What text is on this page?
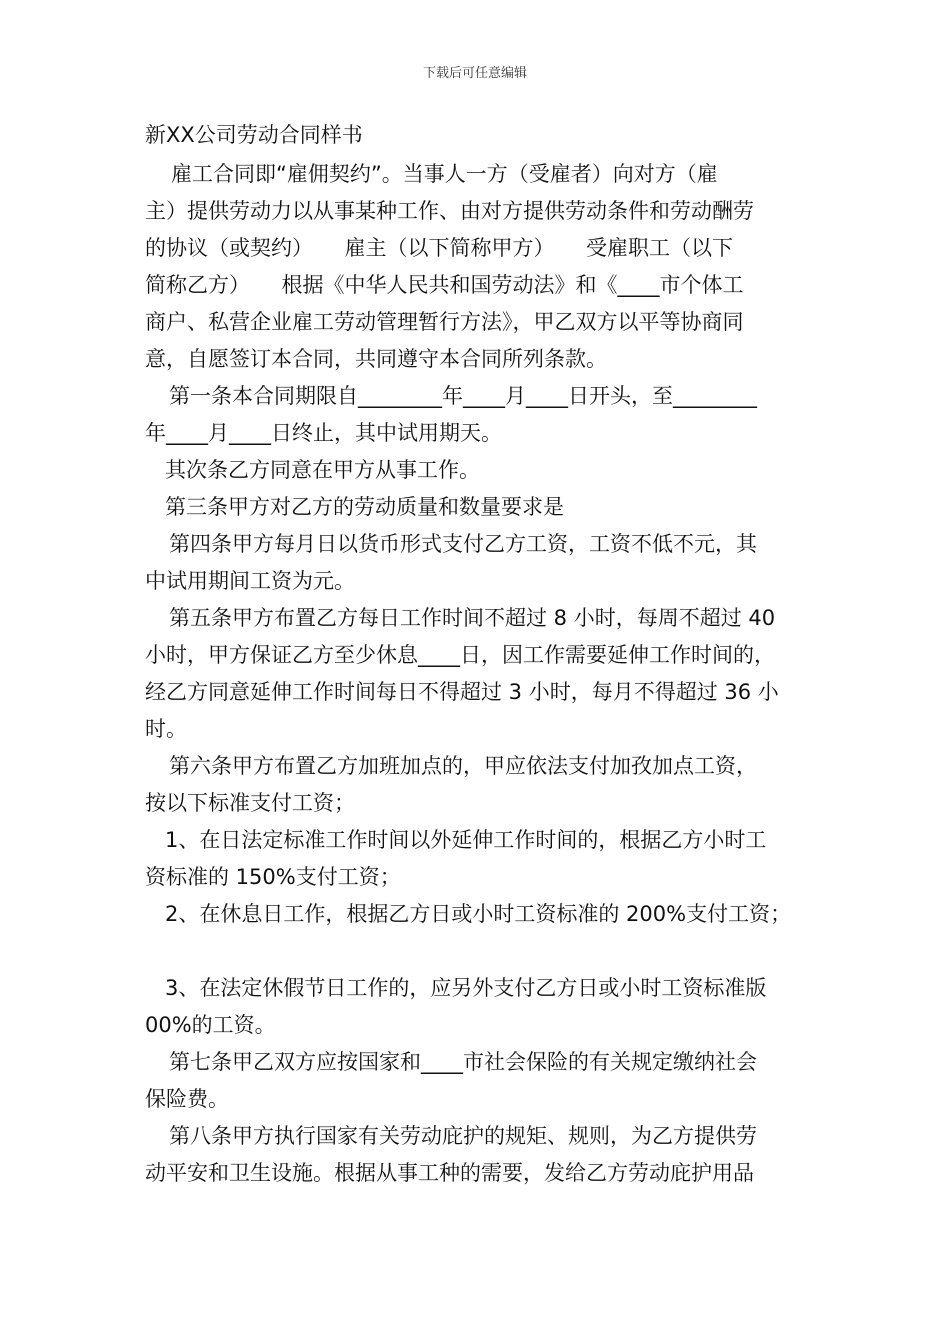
下载后可任意编辑
新XX公司劳动合同样书
雇工合同即“雇佣契约”。当事人一方（受雇者）向对方（雇
主）提供劳动力以从事某种工作、由对方提供劳动条件和劳动酬劳
的协议（或契约）　　雇主（以下简称甲方）　　受雇职工（以下
简称乙方）　　根据《中华人民共和国劳动法》和《____市个体工
商户、私营企业雇工劳动管理暂行方法》，甲乙双方以平等协商同
意，自愿签订本合同，共同遵守本合同所列条款。
第一条本合同期限自________年____月____日开头，至________
年____月____日终止，其中试用期天。
其次条乙方同意在甲方从事工作。
第三条甲方对乙方的劳动质量和数量要求是
第四条甲方每月日以货币形式支付乙方工资，工资不低不元，其
中试用期间工资为元。
第五条甲方布置乙方每日工作时间不超过 8 小时，每周不超过 40
小时，甲方保证乙方至少休息____日，因工作需要延伸工作时间的，
经乙方同意延伸工作时间每日不得超过 3 小时，每月不得超过 36 小
时。
第六条甲方布置乙方加班加点的，甲应依法支付加孜加点工资，
按以下标准支付工资；
1、在日法定标准工作时间以外延伸工作时间的，根据乙方小时工
资标准的 150%支付工资；
2、在休息日工作，根据乙方日或小时工资标准的 200%支付工资；
3、在法定休假节日工作的，应另外支付乙方日或小时工资标准版
00%的工资。
第七条甲乙双方应按国家和____市社会保险的有关规定缴纳社会
保险费。
第八条甲方执行国家有关劳动庇护的规矩、规则，为乙方提供劳
动平安和卫生设施。根据从事工种的需要，发给乙方劳动庇护用品
